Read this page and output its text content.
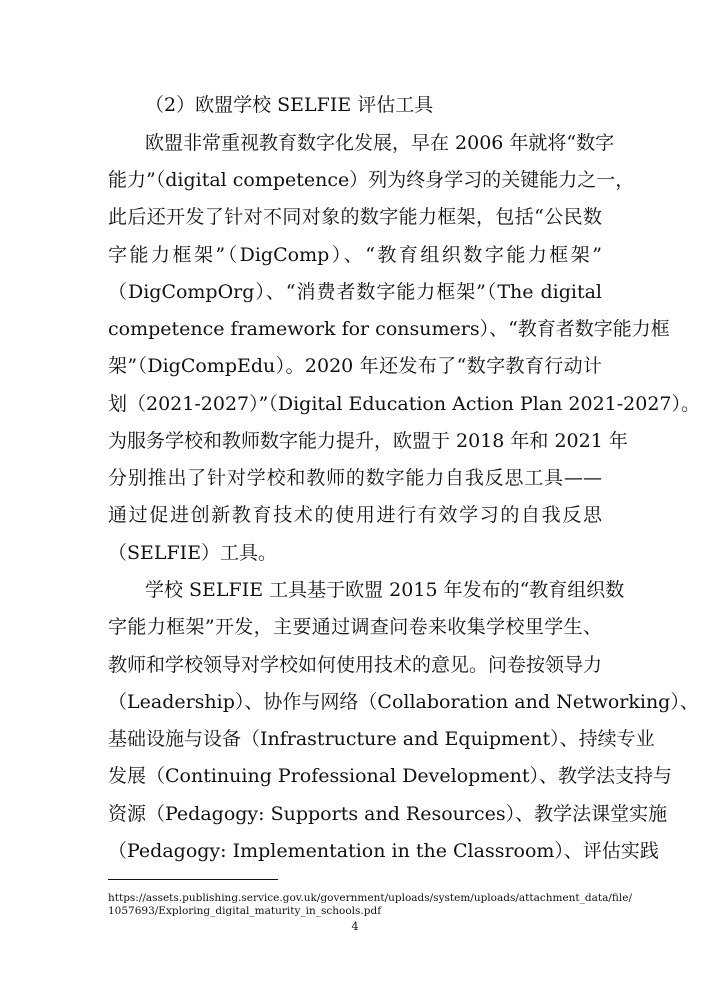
（2）欧盟学校 SELFIE 评估工具
欧盟非常重视教育数字化发展，早在 2006 年就将“数字
能力”（digital competence）列为终身学习的关键能力之一，
此后还开发了针对不同对象的数字能力框架，包括“公民数
字能力框架”（DigComp）、“教育组织数字能力框架”
（DigCompOrg）、“消费者数字能力框架”（The digital
competence framework for consumers）、“教育者数字能力框
架”（DigCompEdu）。2020 年还发布了“数字教育行动计
划（2021-2027）”（Digital Education Action Plan 2021-2027）。
为服务学校和教师数字能力提升，欧盟于 2018 年和 2021 年
分别推出了针对学校和教师的数字能力自我反思工具——
通过促进创新教育技术的使用进行有效学习的自我反思
（SELFIE）工具。
学校 SELFIE 工具基于欧盟 2015 年发布的“教育组织数
字能力框架”开发，主要通过调查问卷来收集学校里学生、
教师和学校领导对学校如何使用技术的意见。问卷按领导力
（Leadership）、协作与网络（Collaboration and Networking）、
基础设施与设备（Infrastructure and Equipment）、持续专业
发展（Continuing Professional Development）、教学法支持与
资源（Pedagogy: Supports and Resources）、教学法课堂实施
（Pedagogy: Implementation in the Classroom）、评估实践
https://assets.publishing.service.gov.uk/government/uploads/system/uploads/attachment_data/file/
1057693/Exploring_digital_maturity_in_schools.pdf
4
